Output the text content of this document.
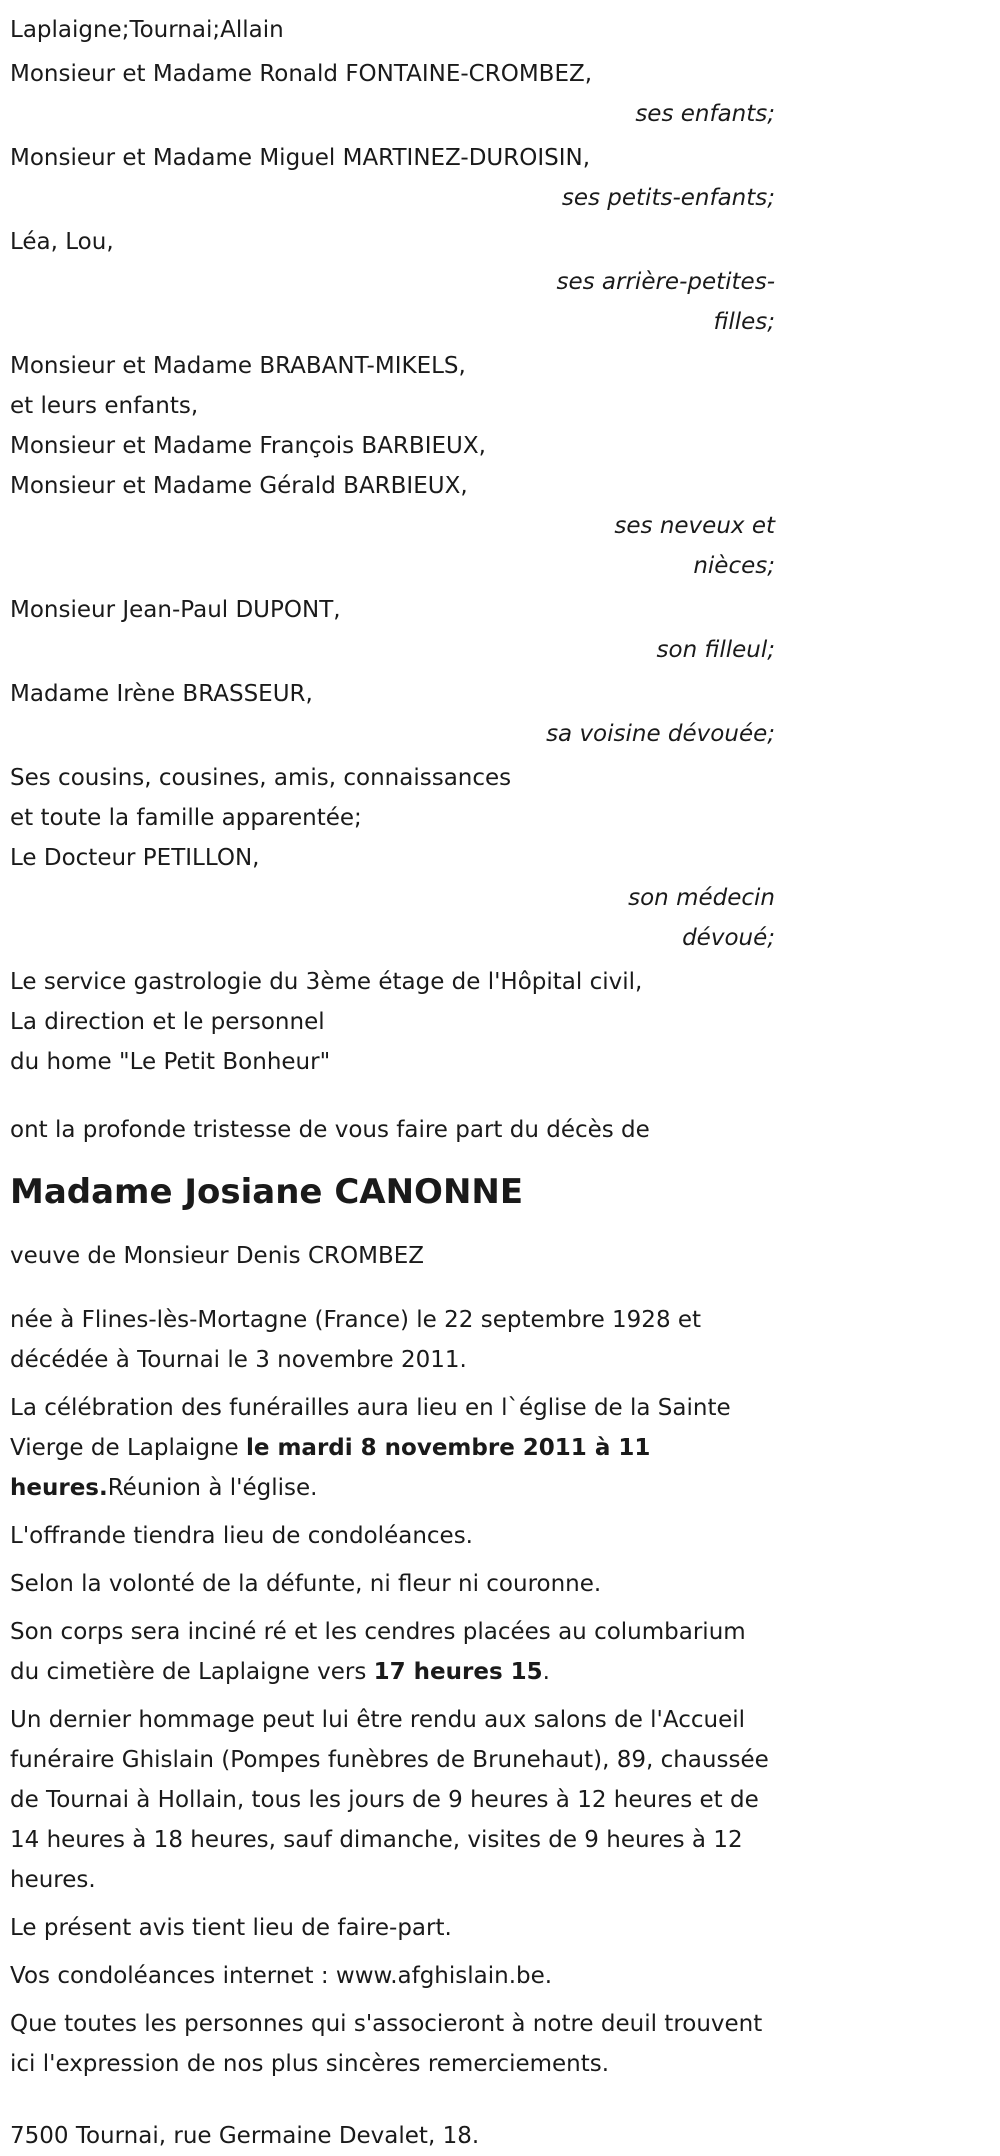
Laplaigne;Tournai;Allain
Monsieur et Madame Ronald FONTAINE-CROMBEZ,
ses enfants;
Monsieur et Madame Miguel MARTINEZ-DUROISIN,
ses petits-enfants;
Léa, Lou,
ses arrière-petites-
filles;
Monsieur et Madame BRABANT-MIKELS,
et leurs enfants,
Monsieur et Madame François BARBIEUX,
Monsieur et Madame Gérald BARBIEUX,
ses neveux et
nièces;
Monsieur Jean-Paul DUPONT,
son filleul;
Madame Irène BRASSEUR,
sa voisine dévouée;
Ses cousins, cousines, amis, connaissances
et toute la famille apparentée;
Le Docteur PETILLON,
son médecin
dévoué;
Le service gastrologie du 3ème étage de l'Hôpital civil,
La direction et le personnel
du home "Le Petit Bonheur"
ont la profonde tristesse de vous faire part du décès de
Madame Josiane CANONNE
veuve de Monsieur Denis CROMBEZ

née à Flines-lès-Mortagne (France) le 22 septembre 1928 et décédée à Tournai le 3 novembre 2011.

La célébration des funérailles aura lieu en l`église de la Sainte Vierge de Laplaigne le mardi 8 novembre 2011 à 11 heures.Réunion à l'église.

L'offrande tiendra lieu de condoléances.

Selon la volonté de la défunte, ni fleur ni couronne.

Son corps sera inciné ré et les cendres placées au columbarium du cimetière de Laplaigne vers 17 heures 15.

Un dernier hommage peut lui être rendu aux salons de l'Accueil funéraire Ghislain (Pompes funèbres de Brunehaut), 89, chaussée de Tournai à Hollain, tous les jours de 9 heures à 12 heures et de 14 heures à 18 heures, sauf dimanche, visites de 9 heures à 12 heures.

Le présent avis tient lieu de faire-part.

Vos condoléances internet : www.afghislain.be.

Que toutes les personnes qui s'associeront à notre deuil trouvent ici l'expression de nos plus sincères remerciements.

7500 Tournai, rue Germaine Devalet, 18.
